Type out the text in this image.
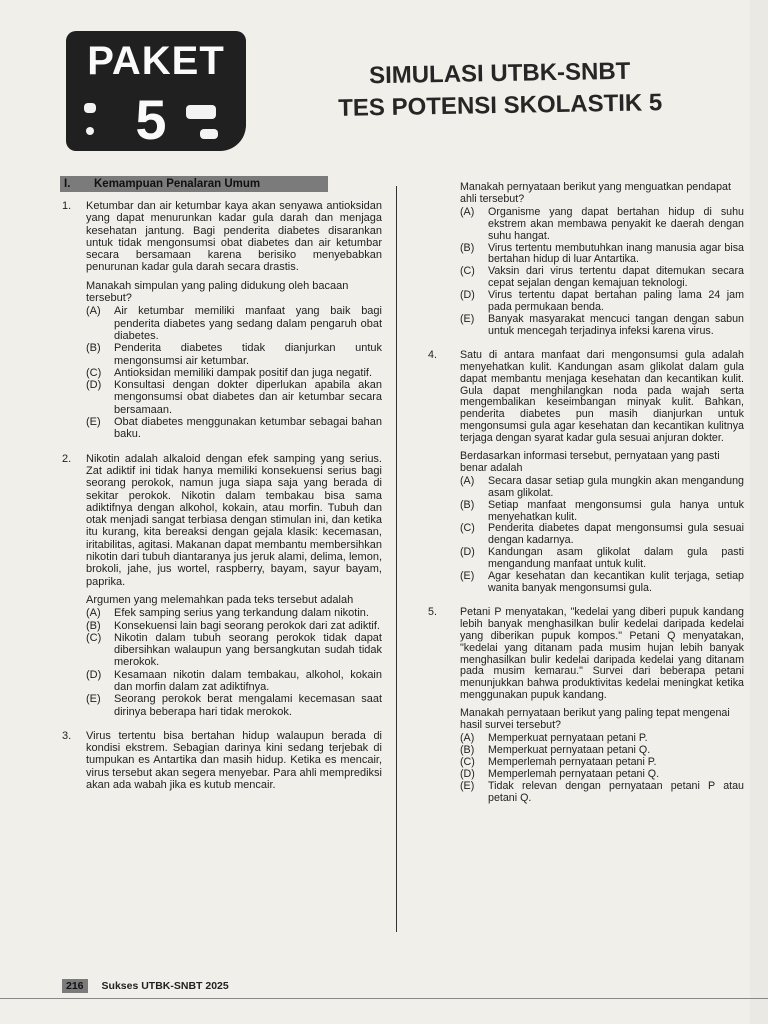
PAKET
5
SIMULASI UTBK-SNBT
TES POTENSI SKOLASTIK 5
I. Kemampuan Penalaran Umum
1. Ketumbar dan air ketumbar kaya akan senyawa antioksidan yang dapat menurunkan kadar gula darah dan menjaga kesehatan jantung. Bagi penderita diabetes disarankan untuk tidak mengonsumsi obat diabetes dan air ketumbar secara bersamaan karena berisiko menyebabkan penurunan kadar gula darah secara drastis.

Manakah simpulan yang paling didukung oleh bacaan tersebut?

(A)	Air ketumbar memiliki manfaat yang baik bagi penderita diabetes yang sedang dalam pengaruh obat diabetes.
(B)	Penderita diabetes tidak dianjurkan untuk mengonsumsi air ketumbar.
(C)	Antioksidan memiliki dampak positif dan juga negatif.
(D)	Konsultasi dengan dokter diperlukan apabila akan mengonsumsi obat diabetes dan air ketumbar secara bersamaan.
(E)	Obat diabetes menggunakan ketumbar sebagai bahan baku.
2. Nikotin adalah alkaloid dengan efek samping yang serius. Zat adiktif ini tidak hanya memiliki konsekuensi serius bagi seorang perokok, namun juga siapa saja yang berada di sekitar perokok. Nikotin dalam tembakau bisa sama adiktifnya dengan alkohol, kokain, atau morfin. Tubuh dan otak menjadi sangat terbiasa dengan stimulan ini, dan ketika itu kurang, kita bereaksi dengan gejala klasik: kecemasan, iritabilitas, agitasi. Makanan dapat membantu membersihkan nikotin dari tubuh diantaranya jus jeruk alami, delima, lemon, brokoli, jahe, jus wortel, raspberry, bayam, sayur bayam, paprika.

Argumen yang melemahkan pada teks tersebut adalah

(A)	Efek samping serius yang terkandung dalam nikotin.
(B)	Konsekuensi lain bagi seorang perokok dari zat adiktif.
(C)	Nikotin dalam tubuh seorang perokok tidak dapat dibersihkan walaupun yang bersangkutan sudah tidak merokok.
(D)	Kesamaan nikotin dalam tembakau, alkohol, kokain dan morfin dalam zat adiktifnya.
(E)	Seorang perokok berat mengalami kecemasan saat dirinya beberapa hari tidak merokok.
3. Virus tertentu bisa bertahan hidup walaupun berada di kondisi ekstrem. Sebagian darinya kini sedang terjebak di tumpukan es Antartika dan masih hidup. Ketika es mencair, virus tersebut akan segera menyebar. Para ahli memprediksi akan ada wabah jika es kutub mencair.

Manakah pernyataan berikut yang menguatkan pendapat ahli tersebut?

(A)	Organisme yang dapat bertahan hidup di suhu ekstrem akan membawa penyakit ke daerah dengan suhu hangat.
(B)	Virus tertentu membutuhkan inang manusia agar bisa bertahan hidup di luar Antartika.
(C)	Vaksin dari virus tertentu dapat ditemukan secara cepat sejalan dengan kemajuan teknologi.
(D)	Virus tertentu dapat bertahan paling lama 24 jam pada permukaan benda.
(E)	Banyak masyarakat mencuci tangan dengan sabun untuk mencegah terjadinya infeksi karena virus.
4. Satu di antara manfaat dari mengonsumsi gula adalah menyehatkan kulit. Kandungan asam glikolat dalam gula dapat membantu menjaga kesehatan dan kecantikan kulit. Gula dapat menghilangkan noda pada wajah serta mengembalikan keseimbangan minyak kulit. Bahkan, penderita diabetes pun masih dianjurkan untuk mengonsumsi gula agar kesehatan dan kecantikan kulitnya terjaga dengan syarat kadar gula sesuai anjuran dokter.

Berdasarkan informasi tersebut, pernyataan yang pasti benar adalah

(A)	Secara dasar setiap gula mungkin akan mengandung asam glikolat.
(B)	Setiap manfaat mengonsumsi gula hanya untuk menyehatkan kulit.
(C)	Penderita diabetes dapat mengonsumsi gula sesuai dengan kadarnya.
(D)	Kandungan asam glikolat dalam gula pasti mengandung manfaat untuk kulit.
(E)	Agar kesehatan dan kecantikan kulit terjaga, setiap wanita banyak mengonsumsi gula.
5. Petani P menyatakan, "kedelai yang diberi pupuk kandang lebih banyak menghasilkan bulir kedelai daripada kedelai yang diberikan pupuk kompos." Petani Q menyatakan, "kedelai yang ditanam pada musim hujan lebih banyak menghasilkan bulir kedelai daripada kedelai yang ditanam pada musim kemarau." Survei dari beberapa petani menunjukkan bahwa produktivitas kedelai meningkat ketika menggunakan pupuk kandang.

Manakah pernyataan berikut yang paling tepat mengenai hasil survei tersebut?

(A)	Memperkuat pernyataan petani P.
(B)	Memperkuat pernyataan petani Q.
(C)	Memperlemah pernyataan petani P.
(D)	Memperlemah pernyataan petani Q.
(E)	Tidak relevan dengan pernyataan petani P atau petani Q.
216 Sukses UTBK-SNBT 2025
